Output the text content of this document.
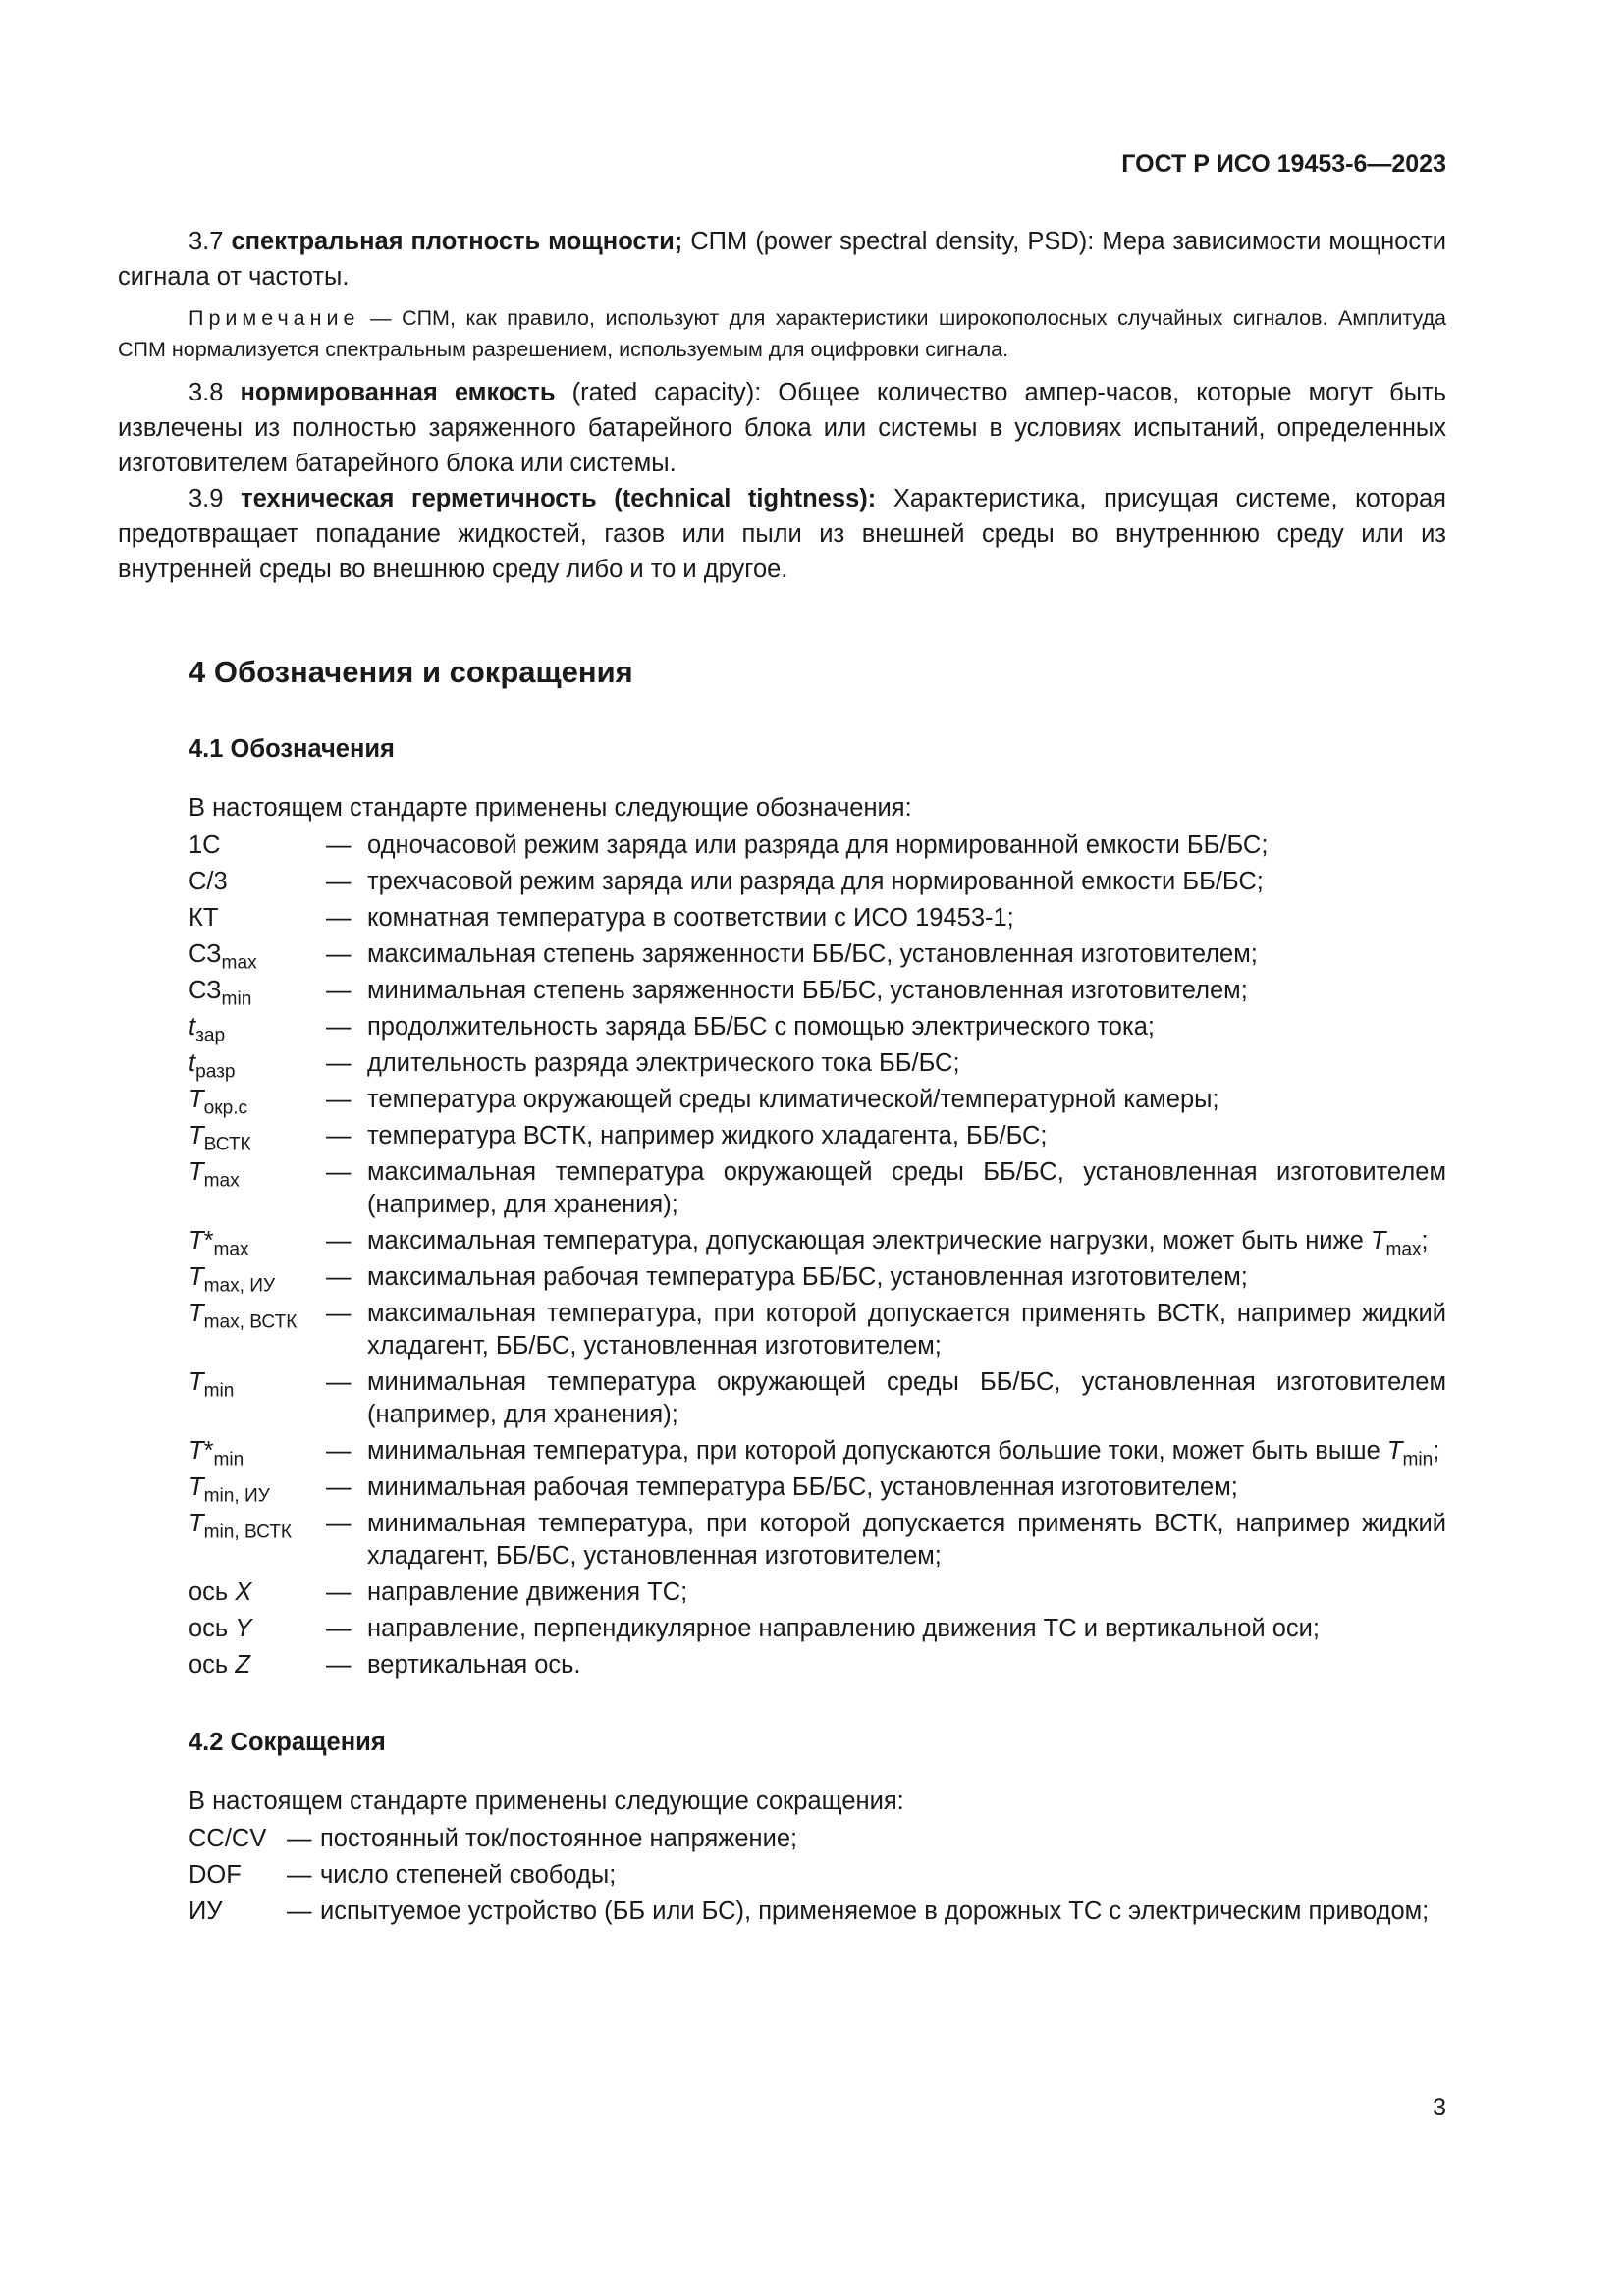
ГОСТ Р ИСО 19453-6—2023

3.7 спектральная плотность мощности; СПМ (power spectral density, PSD): Мера зависимости мощности сигнала от частоты.

Примечание — СПМ, как правило, используют для характеристики широкополосных случайных сигналов. Амплитуда СПМ нормализуется спектральным разрешением, используемым для оцифровки сигнала.

3.8 нормированная емкость (rated capacity): Общее количество ампер-часов, которые могут быть извлечены из полностью заряженного батарейного блока или системы в условиях испытаний, определенных изготовителем батарейного блока или системы.

3.9 техническая герметичность (technical tightness): Характеристика, присущая системе, которая предотвращает попадание жидкостей, газов или пыли из внешней среды во внутреннюю среду или из внутренней среды во внешнюю среду либо и то и другое.

4 Обозначения и сокращения
4.1 Обозначения
В настоящем стандарте применены следующие обозначения:
1C	—	одночасовой режим заряда или разряда для нормированной емкости ББ/БС;
C/3	—	трехчасовой режим заряда или разряда для нормированной емкости ББ/БС;
КТ	—	комнатная температура в соответствии с ИСО 19453-1;
$СЗ_{max}$	—	максимальная степень заряженности ББ/БС, установленная изготовителем;
$СЗ_{min}$	—	минимальная степень заряженности ББ/БС, установленная изготовителем;
$t_{зар}$	—	продолжительность заряда ББ/БС с помощью электрического тока;
$t_{разр}$	—	длительность разряда электрического тока ББ/БС;
$T_{окр.с}$	—	температура окружающей среды климатической/температурной камеры;
$T_{ВСТК}$	—	температура ВСТК, например жидкого хладагента, ББ/БС;
$T_{max}$	—	максимальная температура окружающей среды ББ/БС, установленная изготовителем (например, для хранения);
$T*_{max}$	—	максимальная температура, допускающая электрические нагрузки, может быть ниже $T_{max}$;
$T_{max, ИУ}$	—	максимальная рабочая температура ББ/БС, установленная изготовителем;
$T_{max, ВСТК}$	—	максимальная температура, при которой допускается применять ВСТК, например жидкий хладагент, ББ/БС, установленная изготовителем;
$T_{min}$	—	минимальная температура окружающей среды ББ/БС, установленная изготовителем (например, для хранения);
$T*_{min}$	—	минимальная температура, при которой допускаются большие токи, может быть выше $T_{min}$;
$T_{min, ИУ}$	—	минимальная рабочая температура ББ/БС, установленная изготовителем;
$T_{min, ВСТК}$	—	минимальная температура, при которой допускается применять ВСТК, например жидкий хладагент, ББ/БС, установленная изготовителем;
ось X	—	направление движения ТС;
ось Y	—	направление, перпендикулярное направлению движения ТС и вертикальной оси;
ось Z	—	вертикальная ось.
4.2 Сокращения
В настоящем стандарте применены следующие сокращения:
CC/CV	—	постоянный ток/постоянное напряжение;
DOF	—	число степеней свободы;
ИУ	—	испытуемое устройство (ББ или БС), применяемое в дорожных ТС с электрическим приводом;
3
